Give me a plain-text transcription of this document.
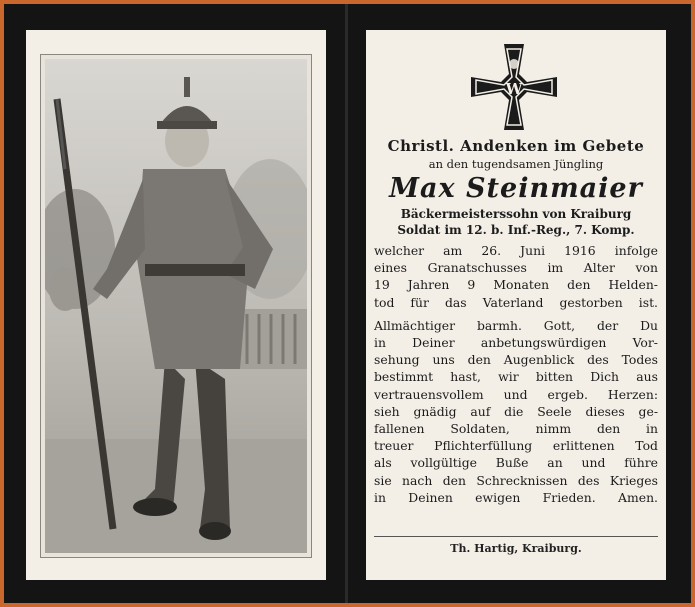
W
Christl. Andenken im Gebete
an den tugendsamen Jüngling
Max Steinmaier
Bäckermeisterssohn von Kraiburg
Soldat im 12. b. Inf.-Reg., 7. Komp.

welcher am 26. Juni 1916 infolge

eines Granatschusses im Alter von

19 Jahren 9 Monaten den Helden-

tod für das Vaterland gestorben ist.

Allmächtiger barmh. Gott, der Du

in Deiner anbetungswürdigen Vor-

sehung uns den Augenblick des Todes

bestimmt hast, wir bitten Dich aus

vertrauensvollem und ergeb. Herzen:

sieh gnädig auf die Seele dieses ge-

fallenen Soldaten, nimm den in

treuer Pflichterfüllung erlittenen Tod

als vollgültige Buße an und führe

sie nach den Schrecknissen des Krieges

in Deinen ewigen Frieden. Amen.

Th. Hartig, Kraiburg.
